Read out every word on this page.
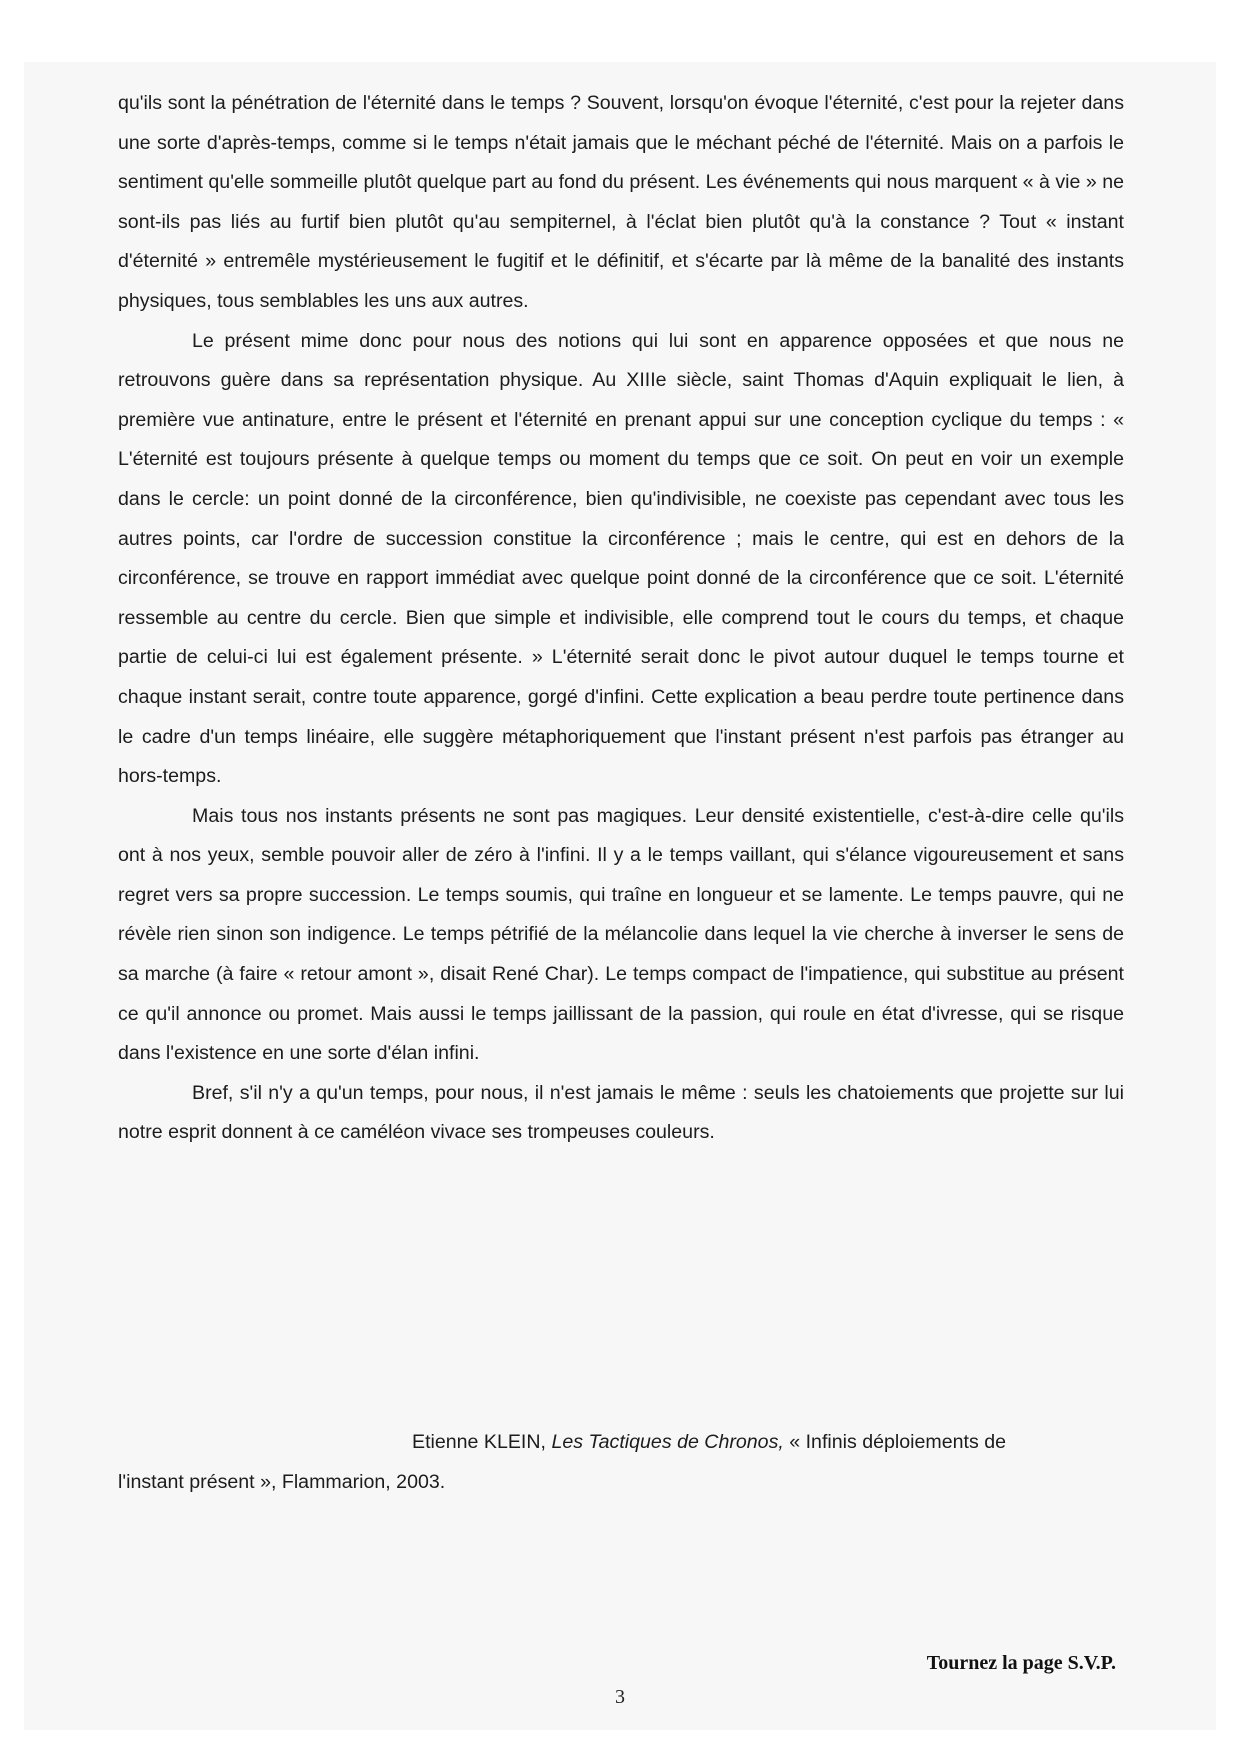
qu'ils sont la pénétration de l'éternité dans le temps ? Souvent, lorsqu'on évoque l'éternité, c'est pour la rejeter dans une sorte d'après-temps, comme si le temps n'était jamais que le méchant péché de l'éternité. Mais on a parfois le sentiment qu'elle sommeille plutôt quelque part au fond du présent. Les événements qui nous marquent « à vie » ne sont-ils pas liés au furtif bien plutôt qu'au sempiternel, à l'éclat bien plutôt qu'à la constance ? Tout « instant d'éternité » entremêle mystérieusement le fugitif et le définitif, et s'écarte par là même de la banalité des instants physiques, tous semblables les uns aux autres.

Le présent mime donc pour nous des notions qui lui sont en apparence opposées et que nous ne retrouvons guère dans sa représentation physique. Au XIIIe siècle, saint Thomas d'Aquin expliquait le lien, à première vue antinature, entre le présent et l'éternité en prenant appui sur une conception cyclique du temps : « L'éternité est toujours présente à quelque temps ou moment du temps que ce soit. On peut en voir un exemple dans le cercle: un point donné de la circonférence, bien qu'indivisible, ne coexiste pas cependant avec tous les autres points, car l'ordre de succession constitue la circonférence ; mais le centre, qui est en dehors de la circonférence, se trouve en rapport immédiat avec quelque point donné de la circonférence que ce soit. L'éternité ressemble au centre du cercle. Bien que simple et indivisible, elle comprend tout le cours du temps, et chaque partie de celui-ci lui est également présente. » L'éternité serait donc le pivot autour duquel le temps tourne et chaque instant serait, contre toute apparence, gorgé d'infini. Cette explication a beau perdre toute pertinence dans le cadre d'un temps linéaire, elle suggère métaphoriquement que l'instant présent n'est parfois pas étranger au hors-temps.

Mais tous nos instants présents ne sont pas magiques. Leur densité existentielle, c'est-à-dire celle qu'ils ont à nos yeux, semble pouvoir aller de zéro à l'infini. Il y a le temps vaillant, qui s'élance vigoureusement et sans regret vers sa propre succession. Le temps soumis, qui traîne en longueur et se lamente. Le temps pauvre, qui ne révèle rien sinon son indigence. Le temps pétrifié de la mélancolie dans lequel la vie cherche à inverser le sens de sa marche (à faire « retour amont », disait René Char). Le temps compact de l'impatience, qui substitue au présent ce qu'il annonce ou promet. Mais aussi le temps jaillissant de la passion, qui roule en état d'ivresse, qui se risque dans l'existence en une sorte d'élan infini.

Bref, s'il n'y a qu'un temps, pour nous, il n'est jamais le même : seuls les chatoiements que projette sur lui notre esprit donnent à ce caméléon vivace ses trompeuses couleurs.

Etienne KLEIN, Les Tactiques de Chronos, « Infinis déploiements de
l'instant présent », Flammarion, 2003.
Tournez la page S.V.P.
3
